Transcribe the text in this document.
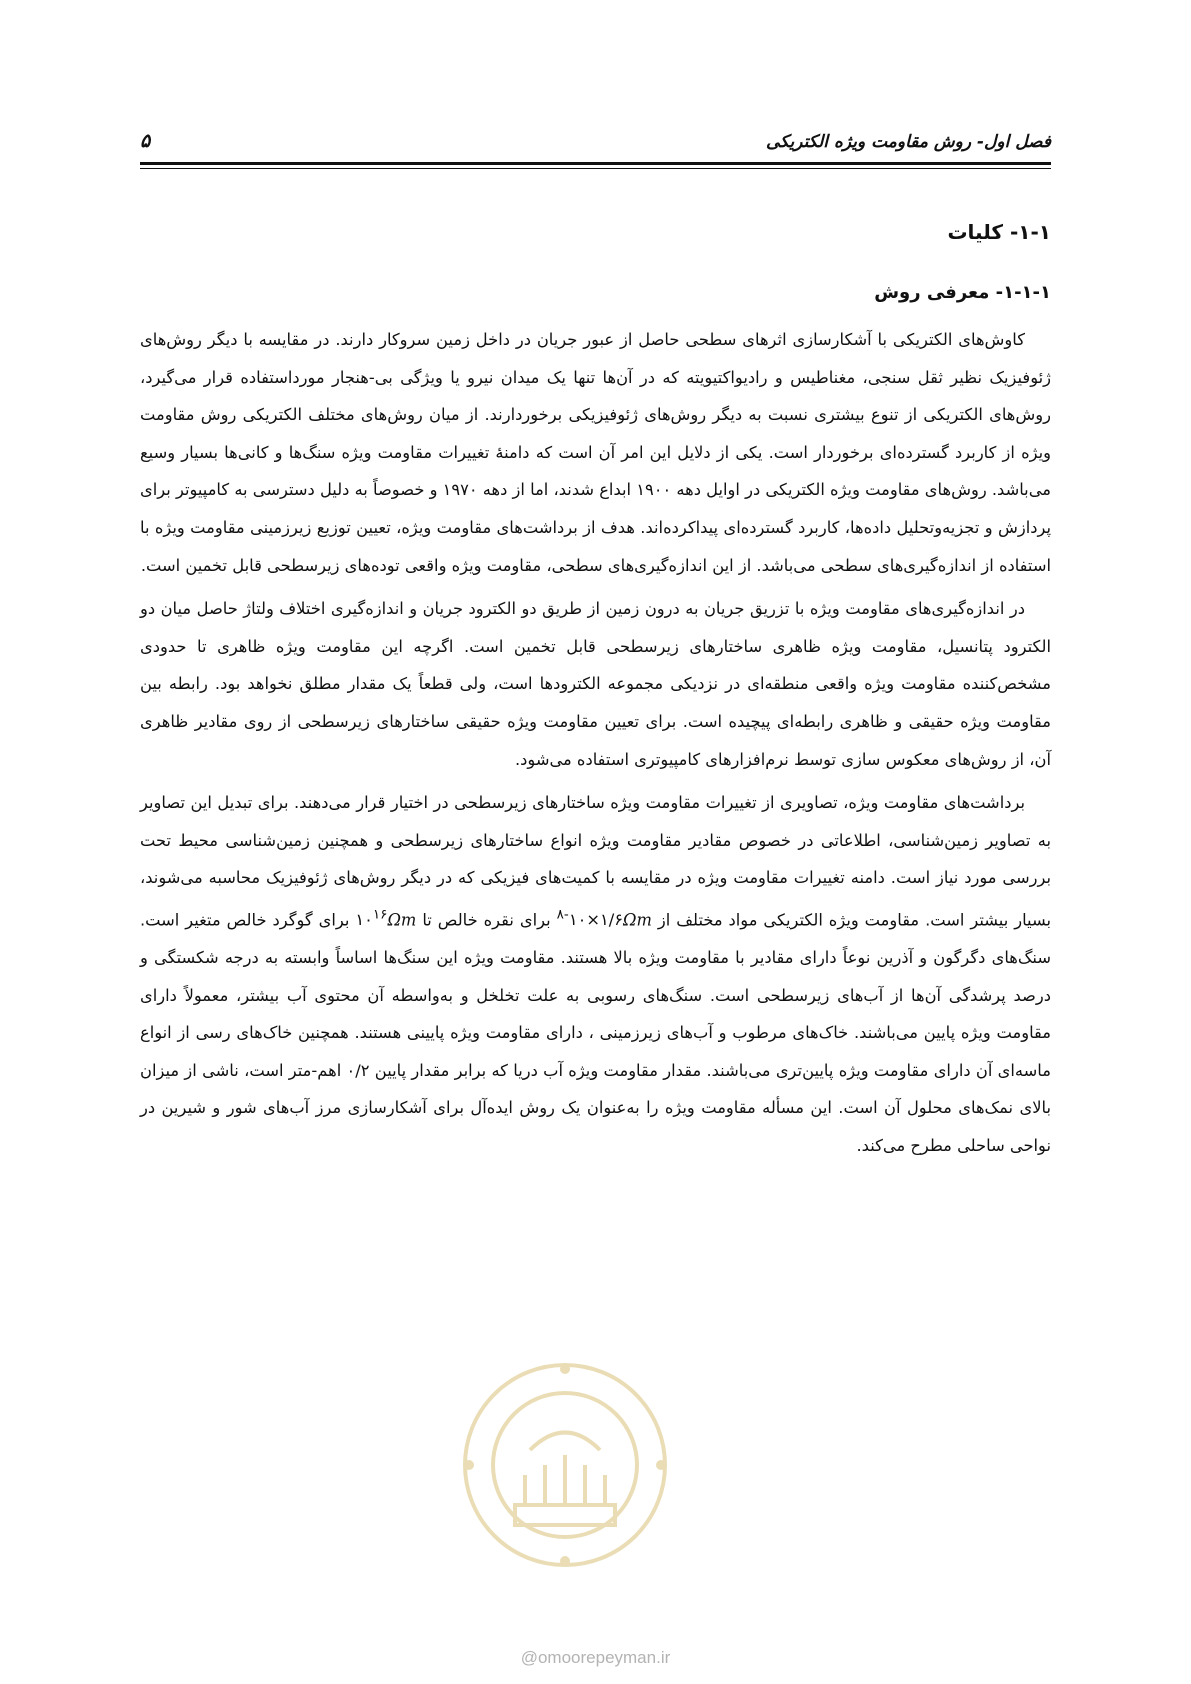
فصل اول- روش مقاومت ویژه الکتریکی
۵
۱-۱- کلیات
۱-۱-۱- معرفی روش

کاوش‌های الکتریکی با آشکارسازی اثرهای سطحی حاصل از عبور جریان در داخل زمین سروکار دارند. در مقایسه با دیگر روش‌های ژئوفیزیک نظیر ثقل سنجی، مغناطیس و رادیواکتیویته که در آن‌ها تنها یک میدان نیرو یا ویژگی بی-هنجار مورداستفاده قرار می‌گیرد، روش‌های الکتریکی از تنوع بیشتری نسبت به دیگر روش‌های ژئوفیزیکی برخوردارند. از میان روش‌های مختلف الکتریکی روش مقاومت ویژه از کاربرد گسترده‌ای برخوردار است. یکی از دلایل این امر آن است که دامنهٔ تغییرات مقاومت ویژه سنگ‌ها و کانی‌ها بسیار وسیع می‌باشد. روش‌های مقاومت ویژه الکتریکی در اوایل دهه ۱۹۰۰ ابداع شدند، اما از دهه ۱۹۷۰ و خصوصاً به دلیل دسترسی به کامپیوتر برای پردازش و تجزیه‌وتحلیل داده‌ها، کاربرد گسترده‌ای پیداکرده‌اند. هدف از برداشت‌های مقاومت ویژه، تعیین توزیع زیرزمینی مقاومت ویژه با استفاده از اندازه‌گیری‌های سطحی می‌باشد. از این اندازه‌گیری‌های سطحی، مقاومت ویژه واقعی توده‌های زیرسطحی قابل تخمین است.

در اندازه‌گیری‌های مقاومت ویژه با تزریق جریان به درون زمین از طریق دو الکترود جریان و اندازه‌گیری اختلاف ولتاژ حاصل میان دو الکترود پتانسیل، مقاومت ویژه ظاهری ساختارهای زیرسطحی قابل تخمین است. اگرچه این مقاومت ویژه ظاهری تا حدودی مشخص‌کننده مقاومت ویژه واقعی منطقه‌ای در نزدیکی مجموعه الکترودها است، ولی قطعاً یک مقدار مطلق نخواهد بود. رابطه بین مقاومت ویژه حقیقی و ظاهری رابطه‌ای پیچیده است. برای تعیین مقاومت ویژه حقیقی ساختارهای زیرسطحی از روی مقادیر ظاهری آن، از روش‌های معکوس سازی توسط نرم‌افزارهای کامپیوتری استفاده می‌شود.

برداشت‌های مقاومت ویژه، تصاویری از تغییرات مقاومت ویژه ساختارهای زیرسطحی در اختیار قرار می‌دهند. برای تبدیل این تصاویر به تصاویر زمین‌شناسی، اطلاعاتی در خصوص مقادیر مقاومت ویژه انواع ساختارهای زیرسطحی و همچنین زمین‌شناسی محیط تحت بررسی مورد نیاز است. دامنه تغییرات مقاومت ویژه در مقایسه با کمیت‌های فیزیکی که در دیگر روش‌های ژئوفیزیک محاسبه می‌شوند، بسیار بیشتر است. مقاومت ویژه الکتریکی مواد مختلف از $\Omega m۱/۶\times ۱۰^{-۸}$ برای نقره خالص تا $\Omega m۱۰^{۱۶}$ برای گوگرد خالص متغیر است. سنگ‌های دگرگون و آذرین نوعاً دارای مقادیر با مقاومت ویژه بالا هستند. مقاومت ویژه این سنگ‌ها اساساً وابسته به درجه شکستگی و درصد پرشدگی آن‌ها از آب‌های زیرسطحی است. سنگ‌های رسوبی به علت تخلخل و به‌واسطه آن محتوی آب بیشتر، معمولاً دارای مقاومت ویژه پایین می‌باشند. خاک‌های مرطوب و آب‌های زیرزمینی ، دارای مقاومت ویژه پایینی هستند. همچنین خاک‌های رسی از انواع ماسه‌ای آن دارای مقاومت ویژه پایین‌تری می‌باشند. مقدار مقاومت ویژه آب دریا که برابر مقدار پایین ۰/۲ اهم-متر است، ناشی از میزان بالای نمک‌های محلول آن است. این مسأله مقاومت ویژه را به‌عنوان یک روش ایده‌آل برای آشکارسازی مرز آب‌های شور و شیرین در نواحی ساحلی مطرح می‌کند.

@omoorepeyman.ir
